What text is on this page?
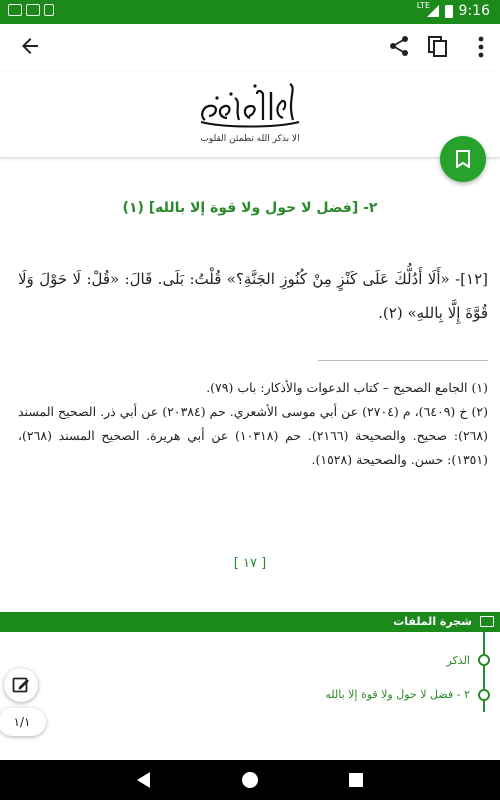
LTE 9:16
الا بذكر الله تطمئن القلوب
٢- [فضل لا حول ولا قوة إلا بالله] (١)
[١٢]- «أَلَا أَدُلُّكَ عَلَى كَنْزٍ مِنْ كُنُوزِ الجَنَّةِ؟» قُلْتُ: بَلَى. قَالَ: «قُلْ: لَا حَوْلَ وَلَا قُوَّةَ إِلَّا بِاللهِ» (٢).

(١) الجامع الصحيح – كتاب الدعوات والأذكار: باب (٧٩).

(٢) خ (٦٤٠٩)، م (٢٧٠٤) عن أبي موسى الأشعري. حم (٢٠٣٨٤) عن أبي ذر. الصحيح المسند (٢٦٨): صحيح. والصحيحة (٢١٦٦). حم (١٠٣١٨) عن أبي هريرة. الصحيح المسند (٢٦٨)، (١٣٥١): حسن. والصحيحة (١٥٢٨).

[ ١٧ ]
شجرة الملفات
الذكر
٢ - فضل لا حول ولا قوة إلا بالله
١/١
